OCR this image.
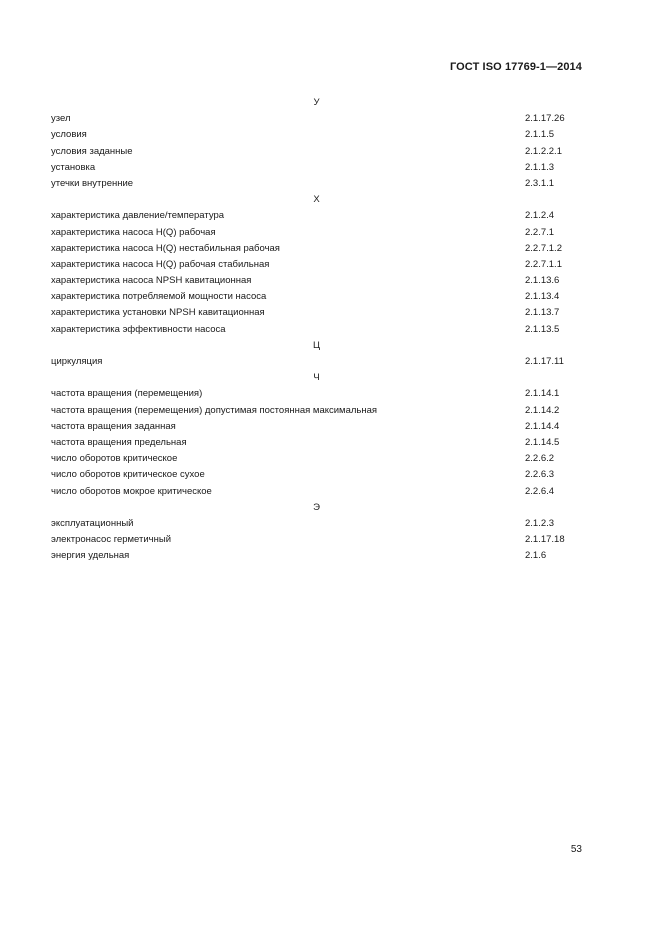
ГОСТ ISO 17769-1—2014
У
узел	2.1.17.26
условия	2.1.1.5
условия заданные	2.1.2.2.1
установка	2.1.1.3
утечки внутренние	2.3.1.1
Х
характеристика давление/температура	2.1.2.4
характеристика насоса H(Q) рабочая	2.2.7.1
характеристика насоса H(Q) нестабильная рабочая	2.2.7.1.2
характеристика насоса H(Q) рабочая стабильная	2.2.7.1.1
характеристика насоса NPSH кавитационная	2.1.13.6
характеристика потребляемой мощности насоса	2.1.13.4
характеристика установки NPSH кавитационная	2.1.13.7
характеристика эффективности насоса	2.1.13.5
Ц
циркуляция	2.1.17.11
Ч
частота вращения (перемещения)	2.1.14.1
частота вращения (перемещения) допустимая постоянная максимальная	2.1.14.2
частота вращения заданная	2.1.14.4
частота вращения предельная	2.1.14.5
число оборотов критическое	2.2.6.2
число оборотов критическое сухое	2.2.6.3
число оборотов мокрое критическое	2.2.6.4
Э
эксплуатационный	2.1.2.3
электронасос герметичный	2.1.17.18
энергия удельная	2.1.6
53
